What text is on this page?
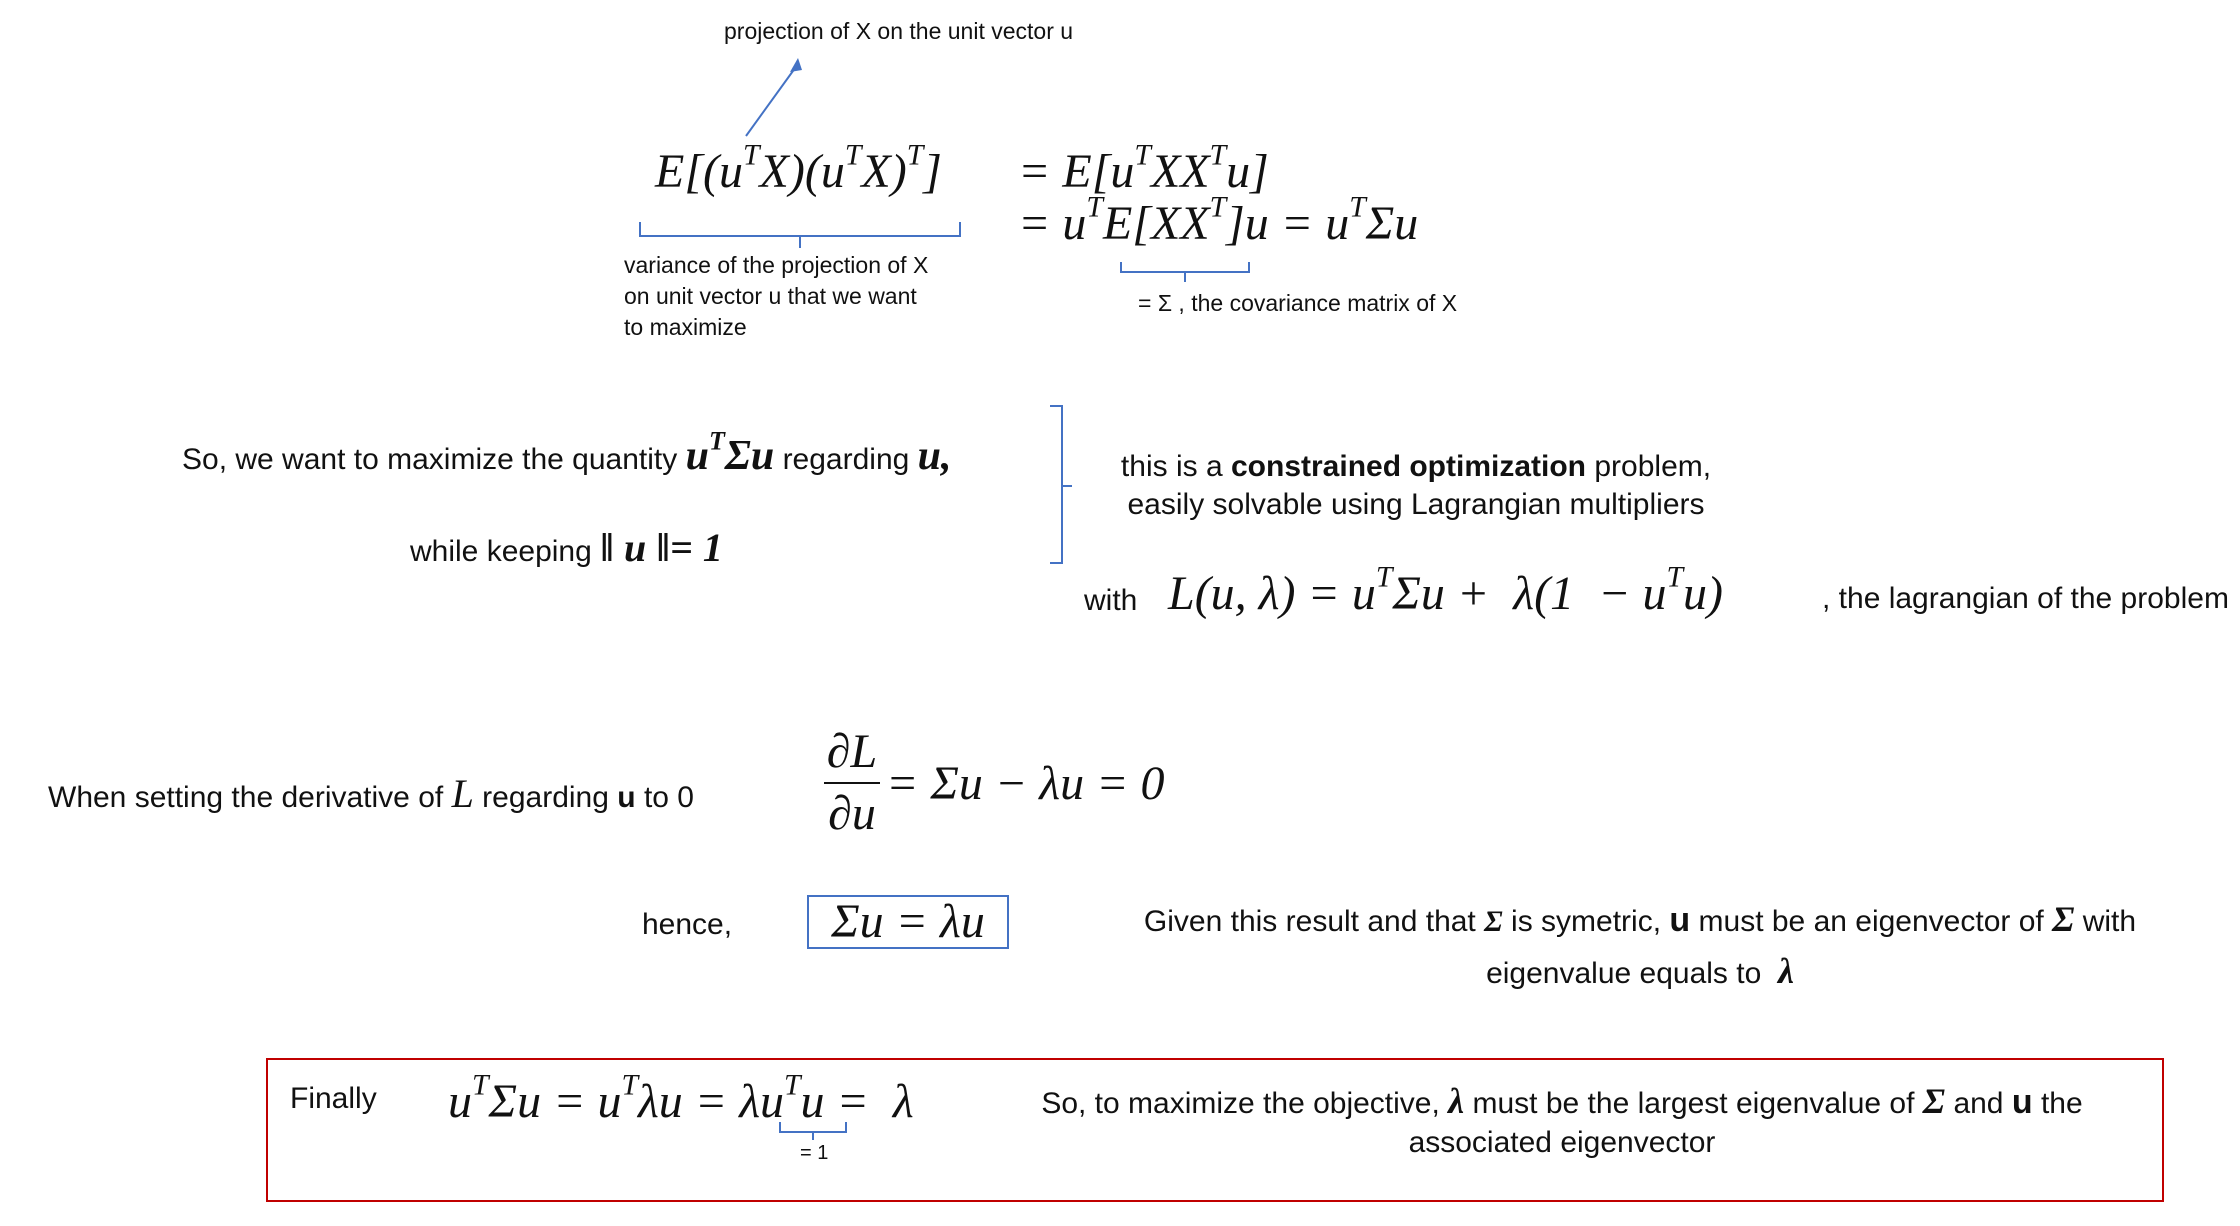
projection of X on the unit vector u
$E[(u^TX)(u^TX)^T] = E[u^TXX^Tu]$
= $u^TE[XX^T]u = u^T\Sigma u$
variance of the projection of X
on unit vector u that we want
to maximize
= Σ , the covariance matrix of X
So, we want to maximize the quantity $u^T\Sigma u$ regarding u,
while keeping ‖ u ‖= 1
this is a constrained optimization problem,
easily solvable using Lagrangian multipliers
with L(u, $\lambda) = u^T\Sigma u + \lambda(1 - u^Tu)$	, the lagrangian of the problem
When setting the derivative of L regarding u to 0
∂L
∂u
= Σu − λu = 0
hence,	Σu = λu	Given this result and that Σ is symetric, u must be an eigenvector of Σ with
eigenvalue equals to λ
Finally $u^T\Sigma u = u^T\lambda u = \lambda u^Tu = \lambda$
= 1
So, to maximize the objective, λ must be the largest eigenvalue of Σ and u the
associated eigenvector
